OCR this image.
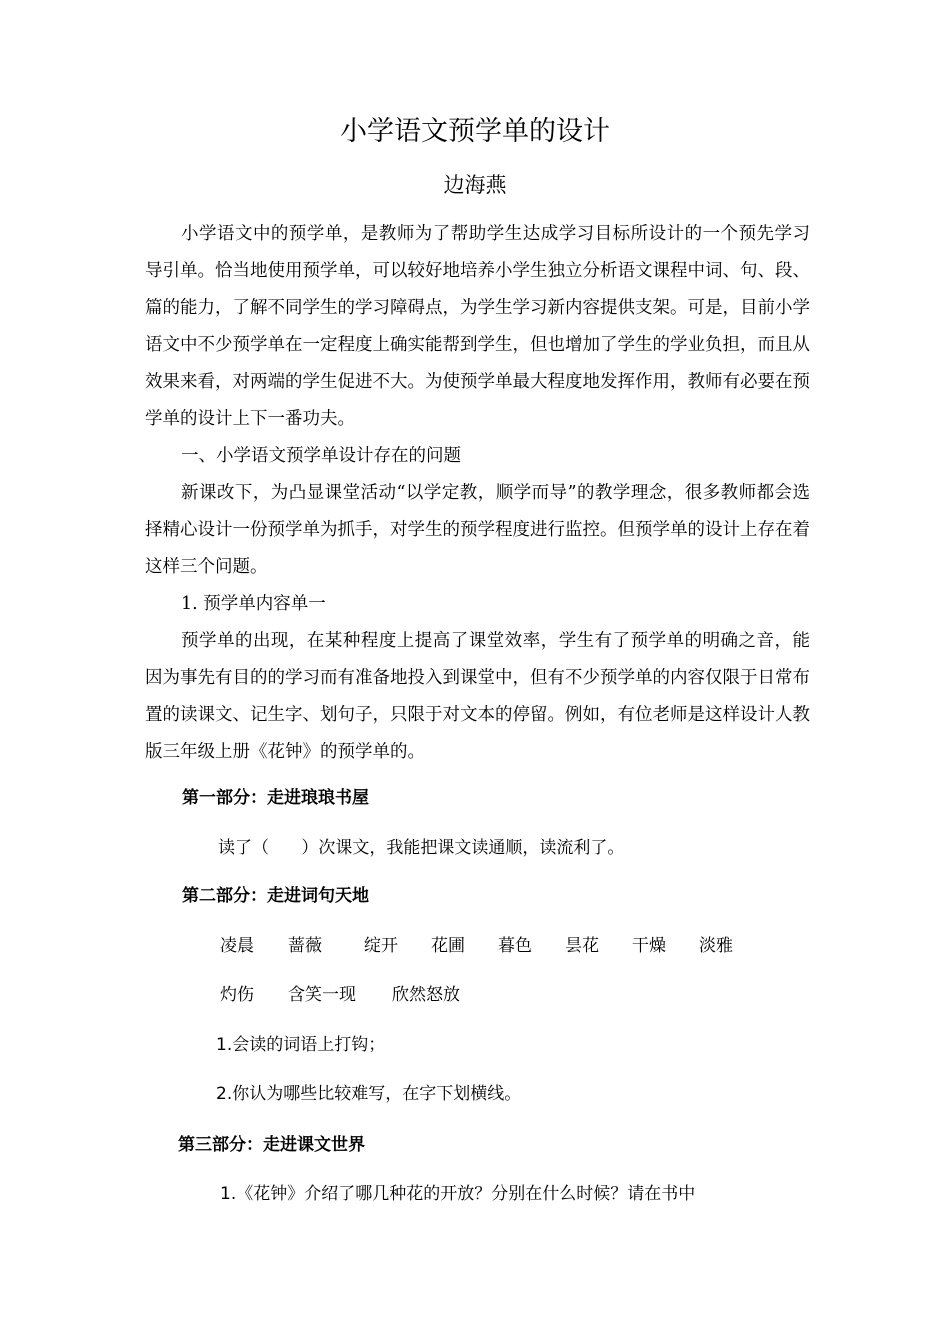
小学语文预学单的设计
边海燕

小学语文中的预学单，是教师为了帮助学生达成学习目标所设计的一个预先学习导引单。恰当地使用预学单，可以较好地培养小学生独立分析语文课程中词、句、段、篇的能力，了解不同学生的学习障碍点，为学生学习新内容提供支架。可是，目前小学语文中不少预学单在一定程度上确实能帮到学生，但也增加了学生的学业负担，而且从效果来看，对两端的学生促进不大。为使预学单最大程度地发挥作用，教师有必要在预学单的设计上下一番功夫。

一、小学语文预学单设计存在的问题

新课改下，为凸显课堂活动“以学定教，顺学而导”的教学理念，很多教师都会选择精心设计一份预学单为抓手，对学生的预学程度进行监控。但预学单的设计上存在着这样三个问题。

1. 预学单内容单一

预学单的出现，在某种程度上提高了课堂效率，学生有了预学单的明确之音，能因为事先有目的的学习而有准备地投入到课堂中，但有不少预学单的内容仅限于日常布置的读课文、记生字、划句子，只限于对文本的停留。例如，有位老师是这样设计人教版三年级上册《花钟》的预学单的。

第一部分：走进琅琅书屋
读了（      ）次课文，我能把课文读通顺，读流利了。
第二部分：走进词句天地
凌晨 蔷薇 绽开 花圃 暮色 昙花 干燥 淡雅
灼伤 含笑一现 欣然怒放
1.会读的词语上打钩；
2.你认为哪些比较难写，在字下划横线。
第三部分：走进课文世界
1.《花钟》介绍了哪几种花的开放？分别在什么时候？请在书中
